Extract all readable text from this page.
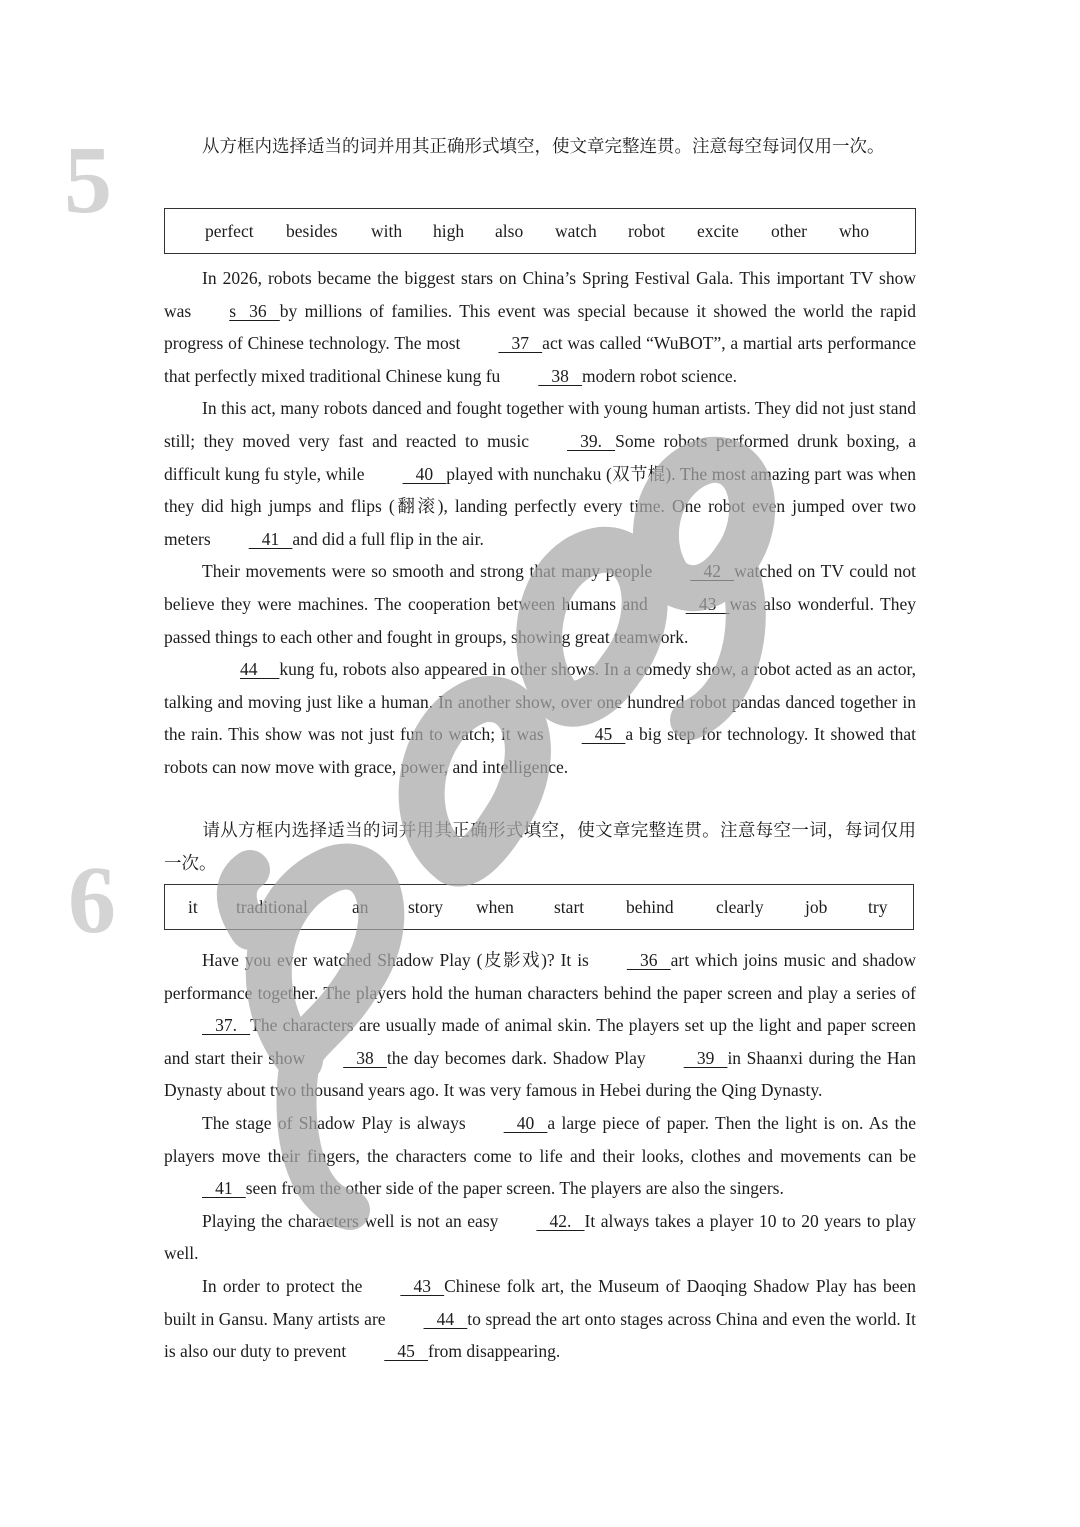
5	从方框内选择适当的词并用其正确形式填空，使文章完整连贯。注意每空每词仅用一次。

perfect besides with high also watch robot excite other who

In 2026, robots became the biggest stars on China’s Spring Festival Gala. This important TV show was s   36   by millions of families. This event was special because it showed the world the rapid progress of Chinese technology. The most   37   act was called “WuBOT”, a martial arts performance that perfectly mixed traditional Chinese kung fu   38   modern robot science.

In this act, many robots danced and fought together with young human artists. They did not just stand still; they moved very fast and reacted to music   39.   Some robots performed drunk boxing, a difficult kung fu style, while   40   played with nunchaku (双节棍). The most amazing part was when they did high jumps and flips (翻滚), landing perfectly every time. One robot even jumped over two meters   41   and did a full flip in the air.

Their movements were so smooth and strong that many people   42   watched on TV could not believe they were machines. The cooperation between humans and   43   was also wonderful. They passed things to each other and fought in groups, showing great teamwork.

44     kung fu, robots also appeared in other shows. In a comedy show, a robot acted as an actor, talking and moving just like a human. In another show, over one hundred robot pandas danced together in the rain. This show was not just fun to watch; it was   45   a big step for technology. It showed that robots can now move with grace, power, and intelligence.

6

请从方框内选择适当的词并用其正确形式填空，使文章完整连贯。注意每空一词，每词仅用一次。

it traditional	an story when start behind clearly job try

Have you ever watched Shadow Play (皮影戏)? It is   36   art which joins music and shadow performance together. The players hold the human characters behind the paper screen and play a series of   37.   The characters are usually made of animal skin. The players set up the light and paper screen and start their show   38   the day becomes dark. Shadow Play   39   in Shaanxi during the Han Dynasty about two thousand years ago. It was very famous in Hebei during the Qing Dynasty.

The stage of Shadow Play is always   40   a large piece of paper. Then the light is on. As the players move their fingers, the characters come to life and their looks, clothes and movements can be   41   seen from the other side of the paper screen. The players are also the singers.

Playing the characters well is not an easy   42.   It always takes a player 10 to 20 years to play well.

In order to protect the   43   Chinese folk art, the Museum of Daoqing Shadow Play has been built in Gansu. Many artists are   44   to spread the art onto stages across China and even the world. It is also our duty to prevent   45   from disappearing.
